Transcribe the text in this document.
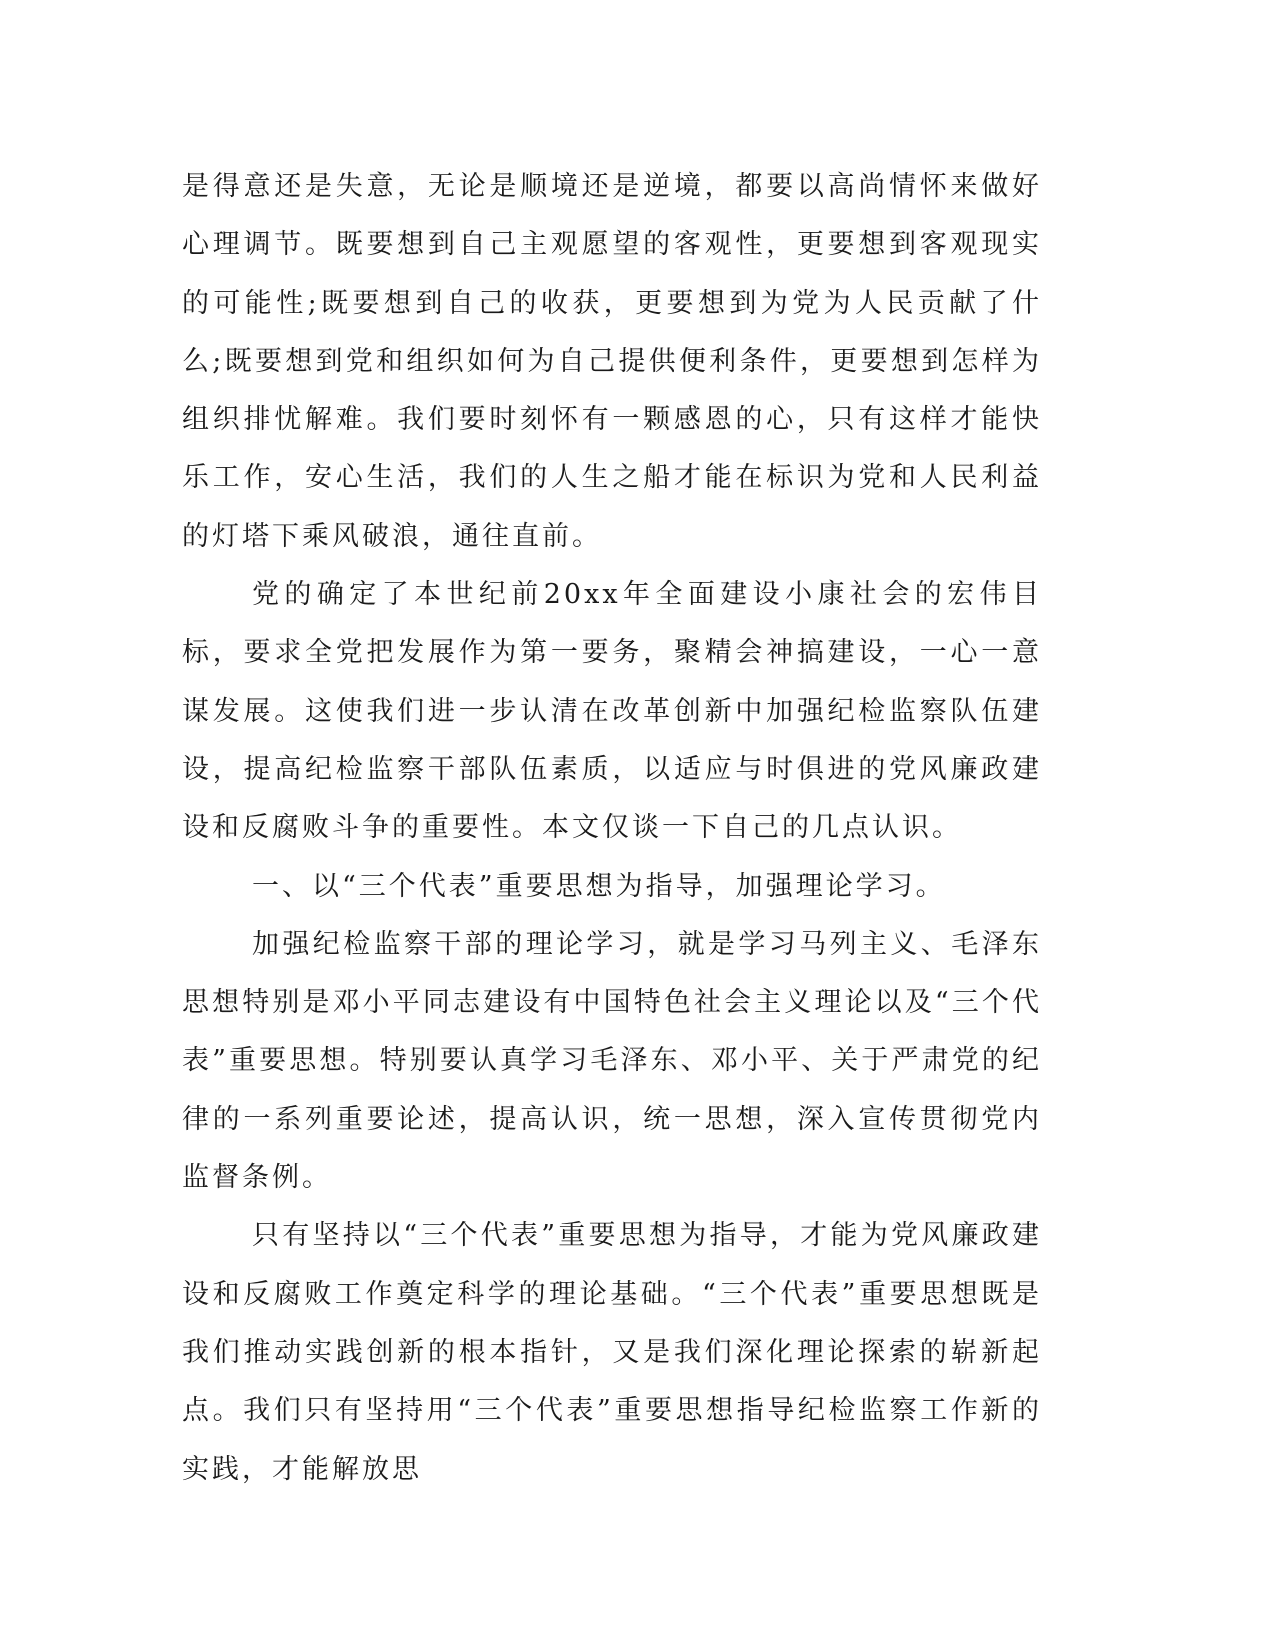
是得意还是失意，无论是顺境还是逆境，都要以高尚情怀来做好心理调节。既要想到自己主观愿望的客观性，更要想到客观现实的可能性;既要想到自己的收获，更要想到为党为人民贡献了什么;既要想到党和组织如何为自己提供便利条件，更要想到怎样为组织排忧解难。我们要时刻怀有一颗感恩的心，只有这样才能快乐工作，安心生活，我们的人生之船才能在标识为党和人民利益的灯塔下乘风破浪，通往直前。

党的确定了本世纪前20xx年全面建设小康社会的宏伟目标，要求全党把发展作为第一要务，聚精会神搞建设，一心一意谋发展。这使我们进一步认清在改革创新中加强纪检监察队伍建设，提高纪检监察干部队伍素质，以适应与时俱进的党风廉政建设和反腐败斗争的重要性。本文仅谈一下自己的几点认识。

一、以“三个代表”重要思想为指导，加强理论学习。

加强纪检监察干部的理论学习，就是学习马列主义、毛泽东思想特别是邓小平同志建设有中国特色社会主义理论以及“三个代表”重要思想。特别要认真学习毛泽东、邓小平、关于严肃党的纪律的一系列重要论述，提高认识，统一思想，深入宣传贯彻党内监督条例。

只有坚持以“三个代表”重要思想为指导，才能为党风廉政建设和反腐败工作奠定科学的理论基础。“三个代表”重要思想既是我们推动实践创新的根本指针，又是我们深化理论探索的崭新起点。我们只有坚持用“三个代表”重要思想指导纪检监察工作新的实践，才能解放思
